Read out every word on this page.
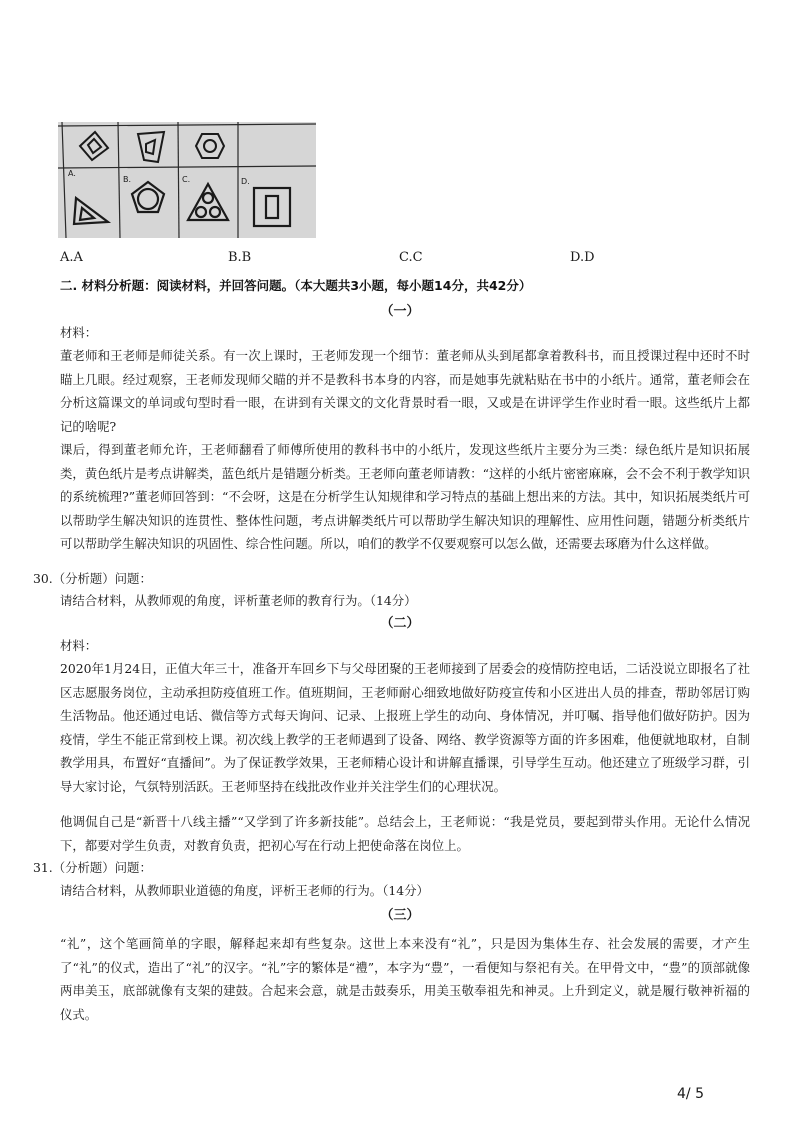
A.
B.	C.	D.
A.A	B.B	C.C	D.D
二. 材料分析题：阅读材料，并回答问题。（本大题共3小题，每小题14分，共42分）
（一）
材料：

董老师和王老师是师徒关系。有一次上课时，王老师发现一个细节：董老师从头到尾都拿着教科书，而且授课过程中还时不时瞄上几眼。经过观察，王老师发现师父瞄的并不是教科书本身的内容，而是她事先就粘贴在书中的小纸片。通常，董老师会在分析这篇课文的单词或句型时看一眼，在讲到有关课文的文化背景时看一眼，又或是在讲评学生作业时看一眼。这些纸片上都记的啥呢?

课后，得到董老师允许，王老师翻看了师傅所使用的教科书中的小纸片，发现这些纸片主要分为三类：绿色纸片是知识拓展类，黄色纸片是考点讲解类，蓝色纸片是错题分析类。王老师向董老师请教：“这样的小纸片密密麻麻，会不会不利于教学知识的系统梳理?”董老师回答到：“不会呀，这是在分析学生认知规律和学习特点的基础上想出来的方法。其中，知识拓展类纸片可以帮助学生解决知识的连贯性、整体性问题，考点讲解类纸片可以帮助学生解决知识的理解性、应用性问题，错题分析类纸片可以帮助学生解决知识的巩固性、综合性问题。所以，咱们的教学不仅要观察可以怎么做，还需要去琢磨为什么这样做。

30.（分析题）问题：
请结合材料，从教师观的角度，评析董老师的教育行为。（14分）
（二）
材料：

2020年1月24日，正值大年三十，准备开车回乡下与父母团聚的王老师接到了居委会的疫情防控电话，二话没说立即报名了社区志愿服务岗位，主动承担防疫值班工作。值班期间，王老师耐心细致地做好防疫宣传和小区进出人员的排查，帮助邻居订购生活物品。他还通过电话、微信等方式每天询问、记录、上报班上学生的动向、身体情况，并叮嘱、指导他们做好防护。因为疫情，学生不能正常到校上课。初次线上教学的王老师遇到了设备、网络、教学资源等方面的许多困难，他便就地取材，自制教学用具，布置好“直播间”。为了保证教学效果，王老师精心设计和讲解直播课，引导学生互动。他还建立了班级学习群，引导大家讨论，气氛特别活跃。王老师坚持在线批改作业并关注学生们的心理状况。

他调侃自己是“新晋十八线主播”“又学到了许多新技能”。总结会上，王老师说：“我是党员，要起到带头作用。无论什么情况下，都要对学生负责，对教育负责，把初心写在行动上把使命落在岗位上。

31.（分析题）问题：
请结合材料，从教师职业道德的角度，评析王老师的行为。（14分）
（三）

“礼”，这个笔画简单的字眼，解释起来却有些复杂。这世上本来没有“礼”，只是因为集体生存、社会发展的需要，才产生了“礼”的仪式，造出了“礼”的汉字。“礼”字的繁体是“禮”，本字为“豊”，一看便知与祭祀有关。在甲骨文中，“豊”的顶部就像两串美玉，底部就像有支架的建鼓。合起来会意，就是击鼓奏乐，用美玉敬奉祖先和神灵。上升到定义，就是履行敬神祈福的仪式。

4/ 5
